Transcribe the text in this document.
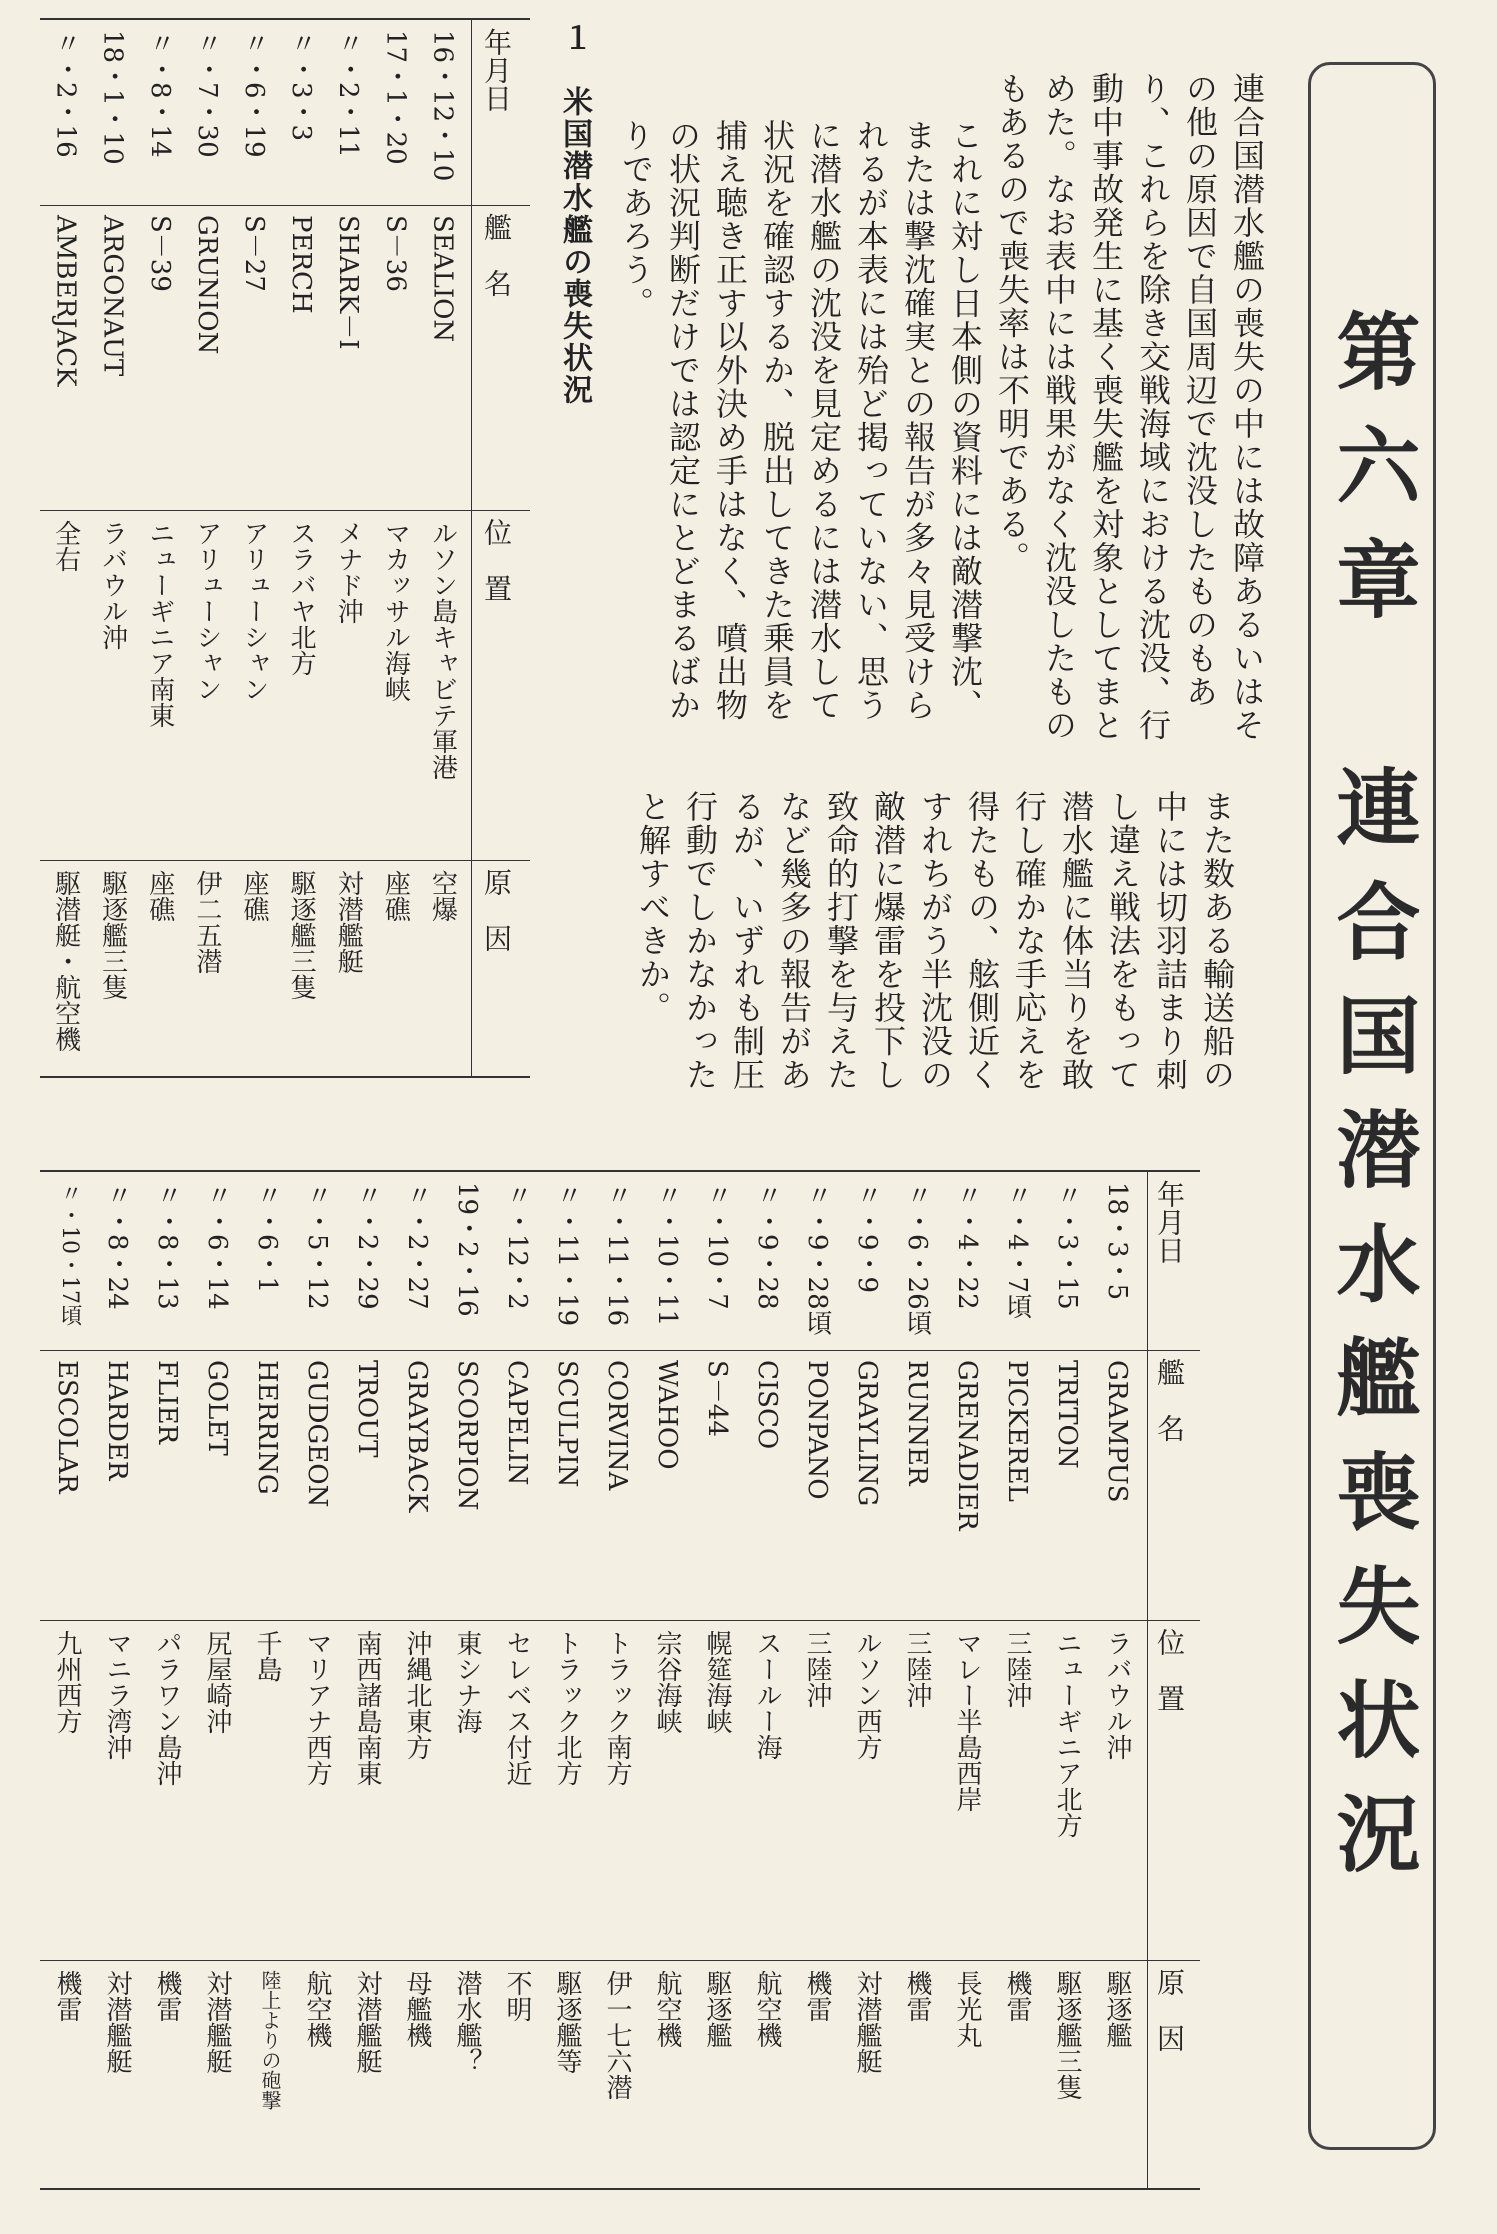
第六章　連合国潜水艦喪失状況

連合国潜水艦の喪失の中には故障あるいはその他の原因で自国周辺で沈没したものもあり、これらを除き交戦海域における沈没、行動中事故発生に基く喪失艦を対象としてまとめた。なお表中には戦果がなく沈没したものもあるので喪失率は不明である。

これに対し日本側の資料には敵潜撃沈、または撃沈確実との報告が多々見受けられるが本表には殆ど掲っていない、思うに潜水艦の沈没を見定めるには潜水して状況を確認するか、脱出してきた乗員を捕え聴き正す以外決め手はなく、噴出物の状況判断だけでは認定にとどまるばかりであろう。

また数ある輸送船の中には切羽詰まり刺し違え戦法をもって潜水艦に体当りを敢行し確かな手応えを得たもの、舷側近くすれちがう半沈没の敵潜に爆雷を投下し致命的打撃を与えたなど幾多の報告があるが、いずれも制圧行動でしかなかったと解すべきか。

１　米国潜水艦の喪失状況
年月日
艦　名
位　置
原　因
16・12・10
SEALION
ルソン島キャビテ軍港
空爆
17・1・20
S－36
マカッサル海峡
座礁
〃・2・11
SHARK－I
メナド沖
対潜艦艇
〃・3・3
PERCH
スラバヤ北方
駆逐艦三隻
〃・6・19
S－27
アリューシャン
座礁
〃・7・30
GRUNION
アリューシャン
伊二五潜
〃・8・14
S－39
ニューギニア南東
座礁
18・1・10
ARGONAUT
ラバウル沖
駆逐艦三隻
〃・2・16
AMBERJACK
全右
駆潜艇・航空機
年月日
艦　名
位　置
原　因
18・3・5
GRAMPUS
ラバウル沖
駆逐艦
〃・3・15
TRITON
ニューギニア北方
駆逐艦三隻
〃・4・7頃
PICKEREL
三陸沖
機雷
〃・4・22
GRENADIER
マレー半島西岸
長光丸
〃・6・26頃
RUNNER
三陸沖
機雷
〃・9・9
GRAYLING
ルソン西方
対潜艦艇
〃・9・28頃
PONPANO
三陸沖
機雷
〃・9・28
CISCO
スールー海
航空機
〃・10・7
S－44
幌筵海峡
駆逐艦
〃・10・11
WAHOO
宗谷海峡
航空機
〃・11・16
CORVINA
トラック南方
伊一七六潜
〃・11・19
SCULPIN
トラック北方
駆逐艦等
〃・12・2
CAPELIN
セレベス付近
不明
19・2・16
SCORPION
東シナ海
潜水艦？
〃・2・27
GRAYBACK
沖縄北東方
母艦機
〃・2・29
TROUT
南西諸島南東
対潜艦艇
〃・5・12
GUDGEON
マリアナ西方
航空機
〃・6・1
HERRING
千島
陸上よりの砲撃
〃・6・14
GOLET
尻屋崎沖
対潜艦艇
〃・8・13
FLIER
パラワン島沖
機雷
〃・8・24
HARDER
マニラ湾沖
対潜艦艇
〃・10・17頃
ESCOLAR
九州西方
機雷
